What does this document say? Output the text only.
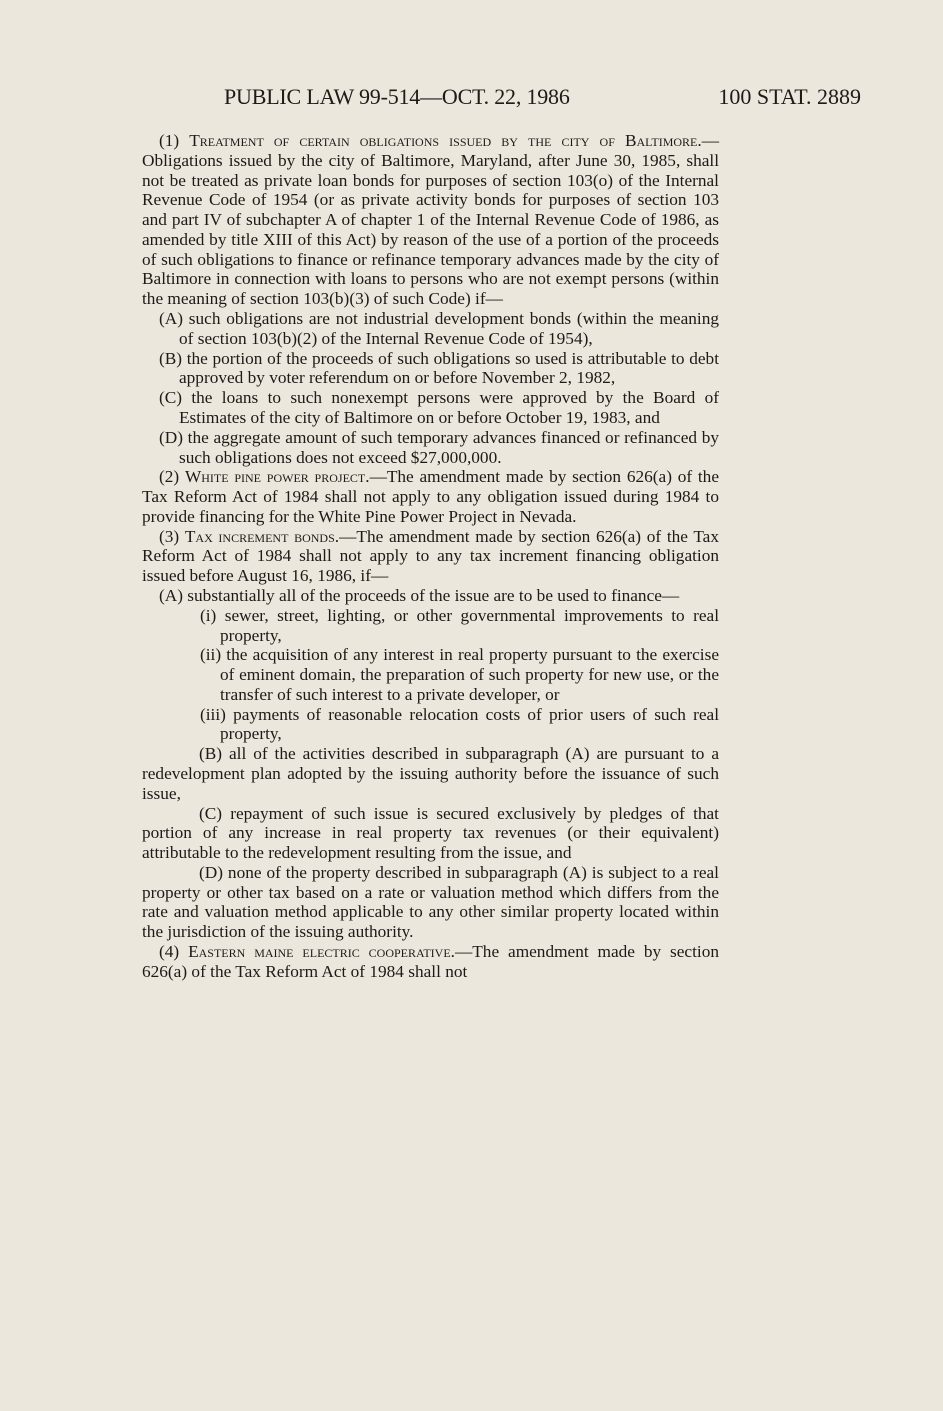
PUBLIC LAW 99-514—OCT. 22, 1986	100 STAT. 2889

(1) Treatment of certain obligations issued by the city of Baltimore.—Obligations issued by the city of Baltimore, Maryland, after June 30, 1985, shall not be treated as private loan bonds for purposes of section 103(o) of the Internal Revenue Code of 1954 (or as private activity bonds for purposes of section 103 and part IV of subchapter A of chapter 1 of the Internal Revenue Code of 1986, as amended by title XIII of this Act) by reason of the use of a portion of the proceeds of such obligations to finance or refinance temporary advances made by the city of Baltimore in connection with loans to persons who are not exempt persons (within the meaning of section 103(b)(3) of such Code) if—

(A) such obligations are not industrial development bonds (within the meaning of section 103(b)(2) of the Internal Revenue Code of 1954),

(B) the portion of the proceeds of such obligations so used is attributable to debt approved by voter referendum on or before November 2, 1982,

(C) the loans to such nonexempt persons were approved by the Board of Estimates of the city of Baltimore on or before October 19, 1983, and

(D) the aggregate amount of such temporary advances financed or refinanced by such obligations does not exceed $27,000,000.

(2) White pine power project.—The amendment made by section 626(a) of the Tax Reform Act of 1984 shall not apply to any obligation issued during 1984 to provide financing for the White Pine Power Project in Nevada.

(3) Tax increment bonds.—The amendment made by section 626(a) of the Tax Reform Act of 1984 shall not apply to any tax increment financing obligation issued before August 16, 1986, if—

(A) substantially all of the proceeds of the issue are to be used to finance—

(i) sewer, street, lighting, or other governmental improvements to real property,

(ii) the acquisition of any interest in real property pursuant to the exercise of eminent domain, the preparation of such property for new use, or the transfer of such interest to a private developer, or

(iii) payments of reasonable relocation costs of prior users of such real property,

(B) all of the activities described in subparagraph (A) are pursuant to a redevelopment plan adopted by the issuing authority before the issuance of such issue,

(C) repayment of such issue is secured exclusively by pledges of that portion of any increase in real property tax revenues (or their equivalent) attributable to the redevelopment resulting from the issue, and

(D) none of the property described in subparagraph (A) is subject to a real property or other tax based on a rate or valuation method which differs from the rate and valuation method applicable to any other similar property located within the jurisdiction of the issuing authority.

(4) Eastern maine electric cooperative.—The amendment made by section 626(a) of the Tax Reform Act of 1984 shall not
